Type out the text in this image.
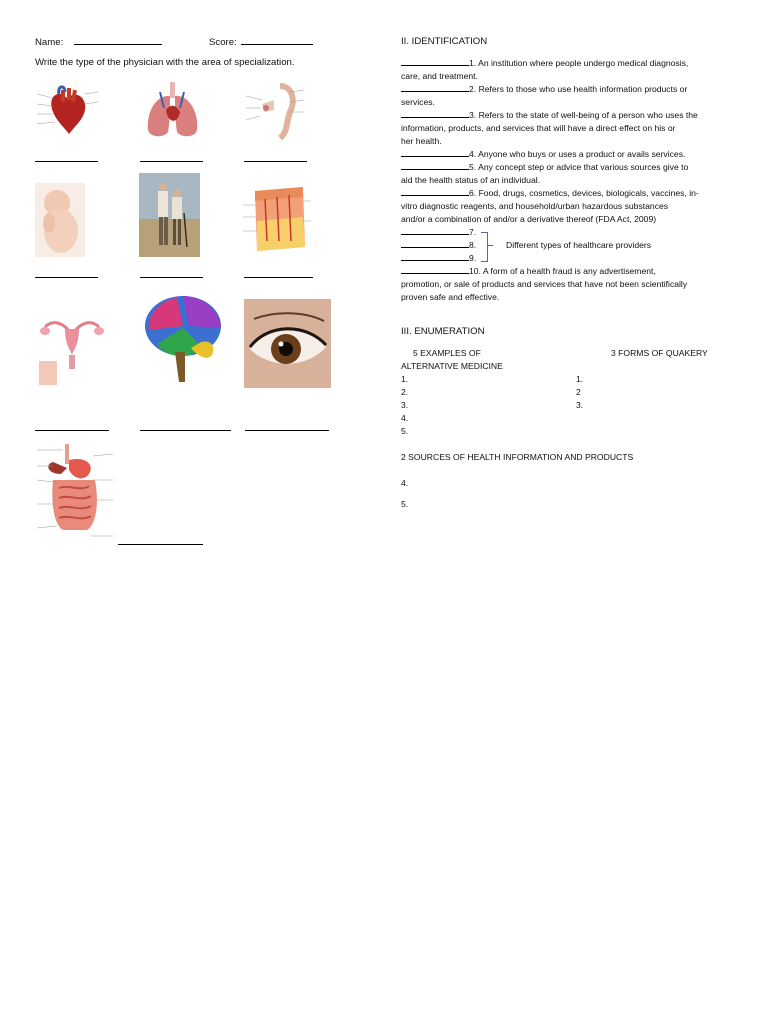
Name:	Score:
Write the type of the physician with the area of specialization.
II. IDENTIFICATION

1. An institution where people undergo medical diagnosis,

care, and treatment.

2. Refers to those who use health information products or

services.

3. Refers to the state of well-being of a person who uses the

information, products, and services that will have a direct effect on his or

her health.

4. Anyone who buys or uses a product or avails services.

5. Any concept step or advice that various sources give to

aid the health status of an individual.

6. Food, drugs, cosmetics, devices, biologicals, vaccines, in-

vitro diagnostic reagents, and household/urban hazardous substances

and/or a combination of and/or a derivative thereof (FDA Act, 2009)

7.

8.

9.

10. A form of a health fraud is any advertisement,

promotion, or sale of products and services that have not been scientifically

proven safe and effective.

Different types of healthcare providers
III. ENUMERATION
5 EXAMPLES OF
ALTERNATIVE MEDICINE
1.
2.
3.
4.
5.
3 FORMS OF QUAKERY
1.
2
3.
2 SOURCES OF HEALTH INFORMATION AND PRODUCTS
4.
5.
